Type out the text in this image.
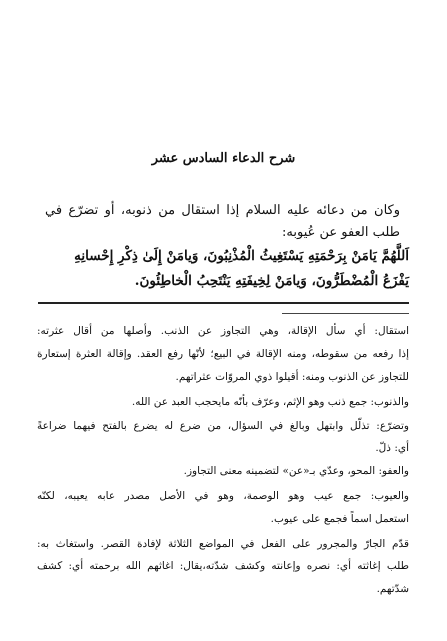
شرح الدعاء السادس عشر
وكان من دعائه عليه السلام إذا استقال من ذنوبه، أو تضرّع في
طلب العفو عن عُيوبه:
اَللَّهُمَّ يَامَنْ بِرَحْمَتِهِ يَسْتَغِيثُ الْمُذْنِبُونَ، وَيامَنْ إِلَىٰ ذِكْرِ إِحْسانِهِ
يَفْزَعُ الْمُضْطَرُّونَ، وَيامَنْ لِخِيفَتِهِ يَنْتَحِبُ الْخاطِئُونَ.
استقال: أي سأل الإقالة، وهي التجاوز عن الذنب. وأصلها من أقال عثرته:
إذا رفعه من سقوطه، ومنه الإقالة في البيع؛ لأنّها رفع العقد. وإقالة العثرة إستعارة
للتجاوز عن الذنوب ومنه: أقيلوا ذوي المروّات عثراتهم.
والذنوب: جمع ذنب وهو الإثم، وعرّف بأنّه مايحجب العبد عن الله.
وتضرّع: تذلّل وابتهل وبالغ في السؤال، من ضرع له يضرع بالفتح فيهما ضراعةً
أي: ذلّ.
والعفو: المحو، وعدّي بـ«عن» لتضمينه معنى التجاوز.
والعيوب: جمع عيب وهو الوصمة، وهو في الأصل مصدر عابه يعيبه، لكنّه
استعمل اسماً فجمع على عيوب.
قدّم الجارّ والمجرور على الفعل في المواضع الثلاثة لإفادة القصر. واستغاث به:
طلب إغاثته أي: نصره وإعانته وكشف شدّته،يقال: اغاثهم الله برحمته أي: كشف
شدّتهم.
